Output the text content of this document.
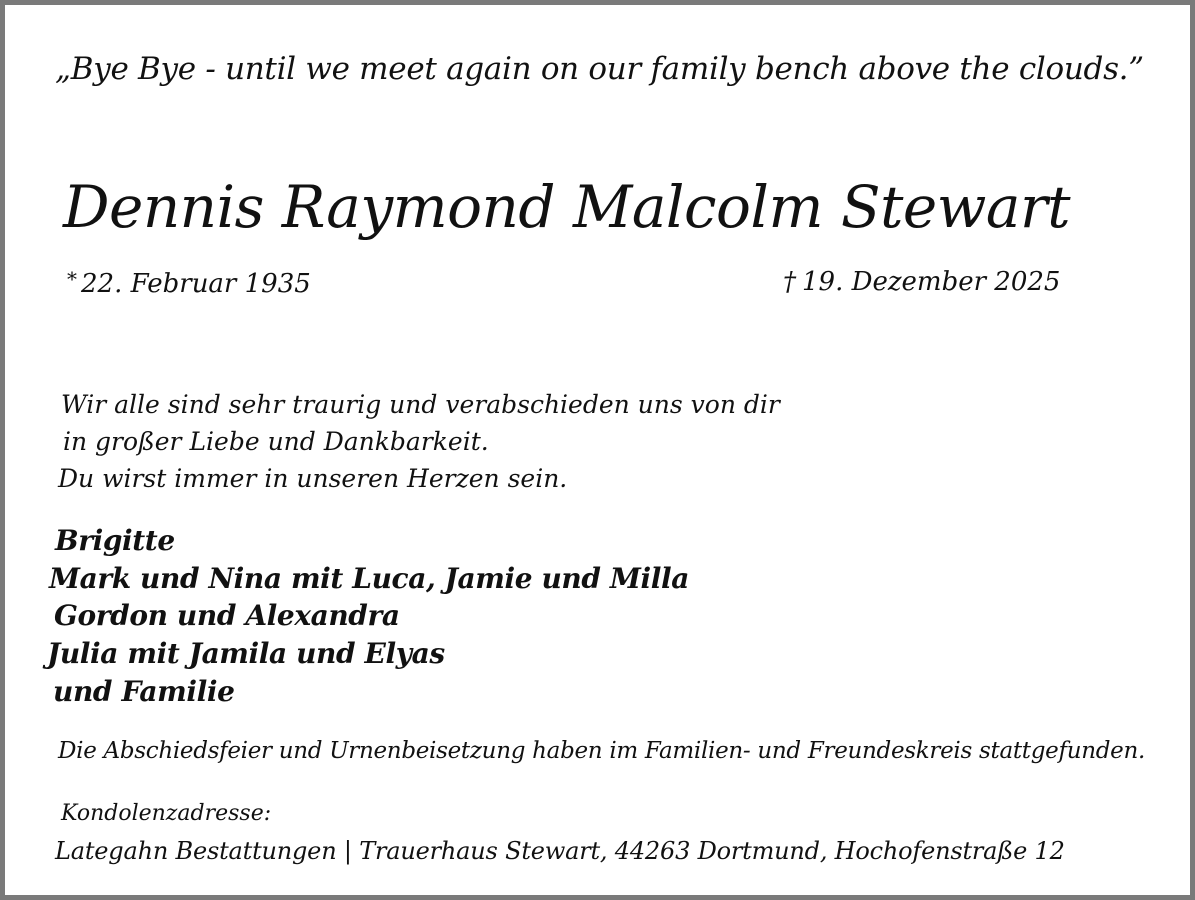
„Bye Bye - until we meet again on our family bench above the clouds.”

Dennis Raymond Malcolm Stewart
* 22. Februar 1935	† 19. Dezember 2025
Wir alle sind sehr traurig und verabschieden uns von dir
in großer Liebe und Dankbarkeit.
Du wirst immer in unseren Herzen sein.
Brigitte
Mark und Nina mit Luca, Jamie und Milla
Gordon und Alexandra
Julia mit Jamila und Elyas
und Familie
Die Abschiedsfeier und Urnenbeisetzung haben im Familien- und Freundeskreis stattgefunden.
Kondolenzadresse:
Lategahn Bestattungen | Trauerhaus Stewart, 44263 Dortmund, Hochofenstraße 12
